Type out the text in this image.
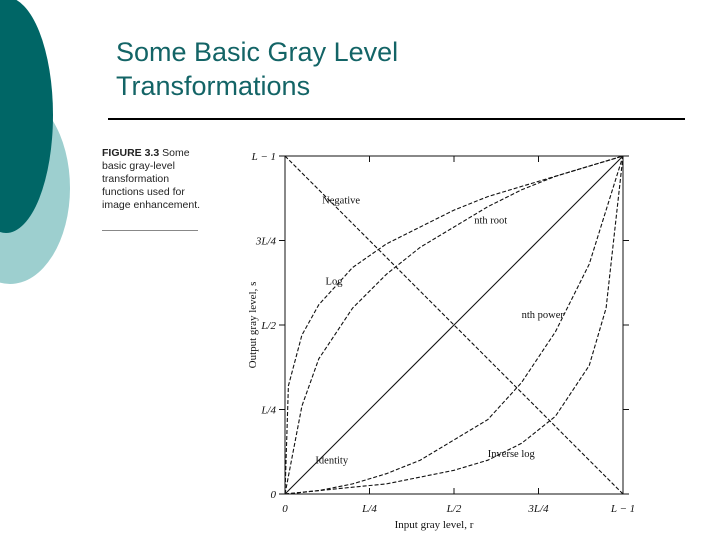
Some Basic Gray Level
Transformations
FIGURE 3.3 Some basic gray-level transformation functions used for image enhancement.
0	L/4	L/2	3L/4	L − 1
0
L/4
L/2
3L/4
L − 1
Negative
nth root
Log
nth power
Identity
Inverse log
Input gray level, r
Output gray level, s
